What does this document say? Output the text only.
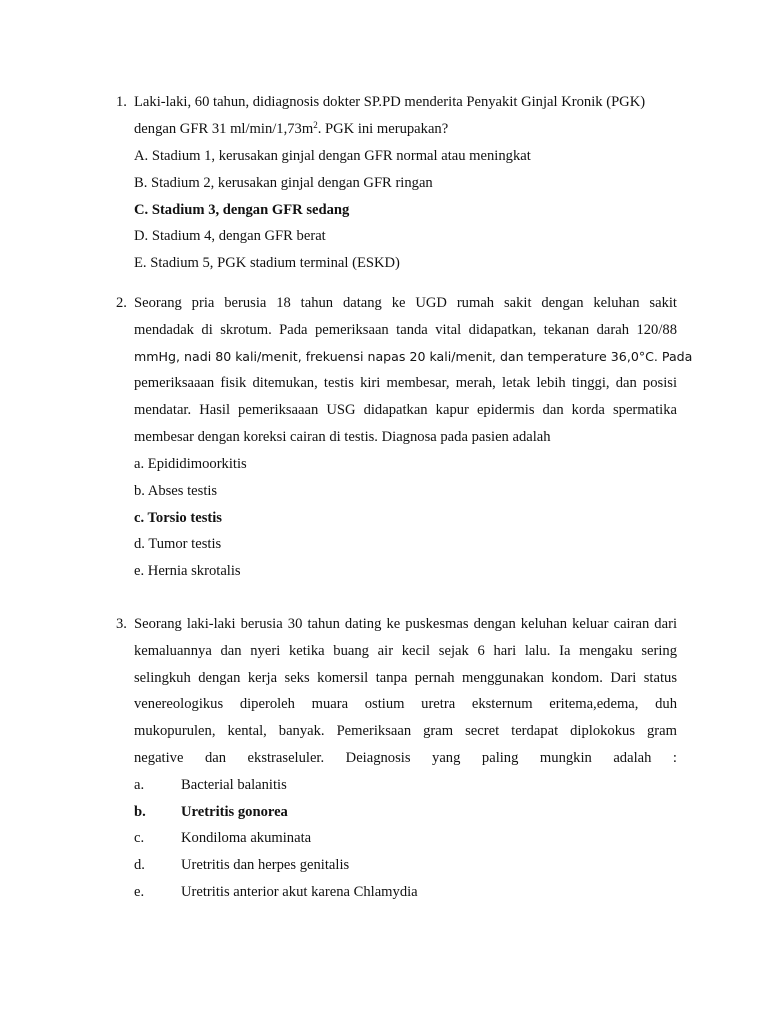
1. Laki-laki, 60 tahun, didiagnosis dokter SP.PD menderita Penyakit Ginjal Kronik (PGK)
dengan GFR 31 $ml/\min/1,73m^2$. PGK ini merupakan?
A. Stadium 1, kerusakan ginjal dengan GFR normal atau meningkat
B. Stadium 2, kerusakan ginjal dengan GFR ringan
C. Stadium 3, dengan GFR sedang
D. Stadium 4, dengan GFR berat
E. Stadium 5, PGK stadium terminal (ESKD)
2. Seorang pria berusia 18 tahun datang ke UGD rumah sakit dengan keluhan sakit
mendadak di skrotum. Pada pemeriksaan tanda vital didapatkan, tekanan darah 120/88
mmHg, nadi 80 kali/menit, frekuensi napas 20 kali/menit, dan temperature 36,0°C. Pada
pemeriksaaan fisik ditemukan, testis kiri membesar, merah, letak lebih tinggi, dan posisi
mendatar. Hasil pemeriksaaan USG didapatkan kapur epidermis dan korda spermatika
membesar dengan koreksi cairan di testis. Diagnosa pada pasien adalah
a. Epididimoorkitis
b. Abses testis
c. Torsio testis
d. Tumor testis
e. Hernia skrotalis
3. Seorang laki-laki berusia 30 tahun dating ke puskesmas dengan keluhan keluar cairan dari
kemaluannya dan nyeri ketika buang air kecil sejak 6 hari lalu. Ia mengaku sering
selingkuh dengan kerja seks komersil tanpa pernah menggunakan kondom. Dari status
venereologikus diperoleh muara ostium uretra eksternum eritema,edema, duh
mukopurulen, kental, banyak. Pemeriksaan gram secret terdapat diplokokus gram
negative dan ekstraseluler. Deiagnosis yang paling mungkin adalah :
a.	Bacterial balanitis
b. Uretritis gonorea
c.	Kondiloma akuminata
d. Uretritis dan herpes genitalis
e.	Uretritis anterior akut karena Chlamydia
